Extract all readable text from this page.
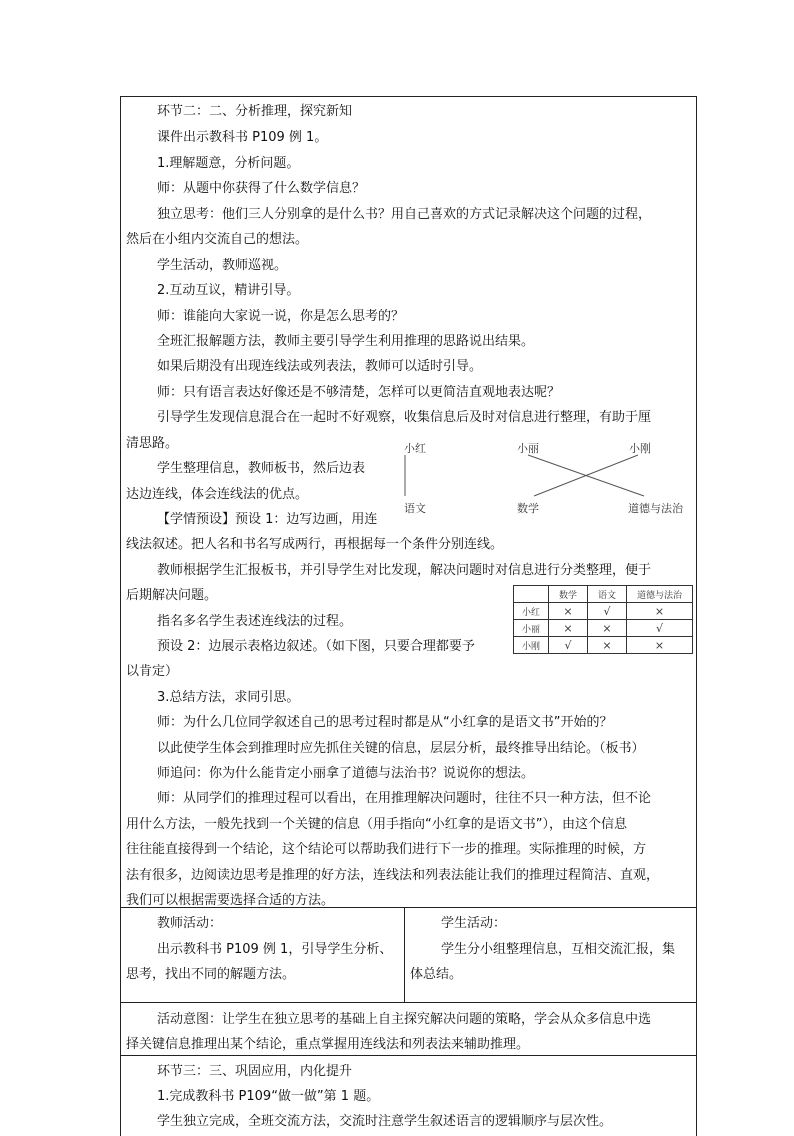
环节二：二、分析推理，探究新知
课件出示教科书 P109 例 1。
1.理解题意，分析问题。
师：从题中你获得了什么数学信息？
独立思考：他们三人分别拿的是什么书？用自己喜欢的方式记录解决这个问题的过程，
然后在小组内交流自己的想法。
学生活动，教师巡视。
2.互动互议，精讲引导。
师：谁能向大家说一说，你是怎么思考的？
全班汇报解题方法，教师主要引导学生利用推理的思路说出结果。
如果后期没有出现连线法或列表法，教师可以适时引导。
师：只有语言表达好像还是不够清楚，怎样可以更简洁直观地表达呢？
引导学生发现信息混合在一起时不好观察，收集信息后及时对信息进行整理，有助于厘
清思路。
学生整理信息，教师板书，然后边表
达边连线，体会连线法的优点。
【学情预设】预设 1：边写边画，用连
线法叙述。把人名和书名写成两行，再根据每一个条件分别连线。
教师根据学生汇报板书，并引导学生对比发现，解决问题时对信息进行分类整理，便于
后期解决问题。
指名多名学生表述连线法的过程。
预设 2：边展示表格边叙述。（如下图，只要合理都要予
以肯定）
3.总结方法，求同引思。
师：为什么几位同学叙述自己的思考过程时都是从“小红拿的是语文书”开始的？
以此使学生体会到推理时应先抓住关键的信息，层层分析，最终推导出结论。（板书）
师追问：你为什么能肯定小丽拿了道德与法治书？说说你的想法。
师：从同学们的推理过程可以看出，在用推理解决问题时，往往不只一种方法，但不论
用什么方法，一般先找到一个关键的信息（用手指向“小红拿的是语文书”），由这个信息
往往能直接得到一个结论，这个结论可以帮助我们进行下一步的推理。实际推理的时候，方
法有很多，边阅读边思考是推理的好方法，连线法和列表法能让我们的推理过程简洁、直观，
我们可以根据需要选择合适的方法。
小红	小丽	小刚
语文	数学	道德与法治
	数学	语文	道德与法治
小红	×	√	×
小丽	×	×	√
小刚	√	×	×
教师活动：
出示教科书 P109 例 1，引导学生分析、
思考，找出不同的解题方法。
学生活动：
学生分小组整理信息，互相交流汇报，集
体总结。
活动意图：让学生在独立思考的基础上自主探究解决问题的策略，学会从众多信息中选
择关键信息推理出某个结论，重点掌握用连线法和列表法来辅助推理。
环节三：三、巩固应用，内化提升
1.完成教科书 P109“做一做”第 1 题。
学生独立完成，全班交流方法，交流时注意学生叙述语言的逻辑顺序与层次性。
